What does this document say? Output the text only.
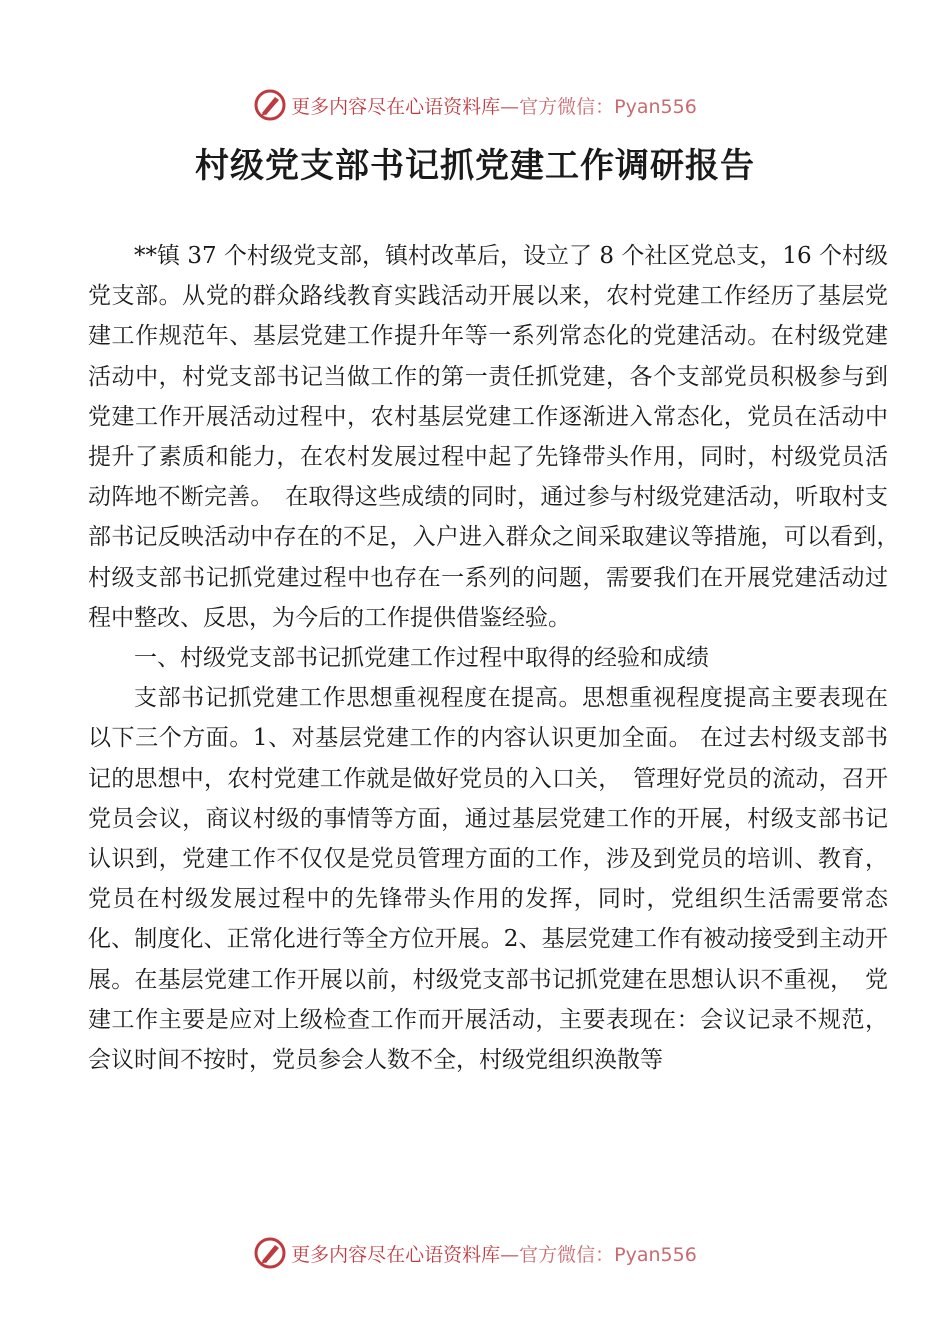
更多内容尽在心语资料库 —官方微信：Pyan556
村级党支部书记抓党建工作调研报告

**镇 37 个村级党支部，镇村改革后，设立了 8 个社区党总支，16 个村级党支部。从党的群众路线教育实践活动开展以来，农村党建工作经历了基层党建工作规范年、基层党建工作提升年等一系列常态化的党建活动。在村级党建活动中，村党支部书记当做工作的第一责任抓党建，各个支部党员积极参与到党建工作开展活动过程中，农村基层党建工作逐渐进入常态化，党员在活动中提升了素质和能力，在农村发展过程中起了先锋带头作用，同时，村级党员活动阵地不断完善。　在取得这些成绩的同时，通过参与村级党建活动，听取村支部书记反映活动中存在的不足，入户进入群众之间采取建议等措施，可以看到，　村级支部书记抓党建过程中也存在一系列的问题，需要我们在开展党建活动过程中整改、反思，为今后的工作提供借鉴经验。

一、村级党支部书记抓党建工作过程中取得的经验和成绩

支部书记抓党建工作思想重视程度在提高。思想重视程度提高主要表现在以下三个方面。1、对基层党建工作的内容认识更加全面。 在过去村级支部书记的思想中，农村党建工作就是做好党员的入口关，　管理好党员的流动，召开党员会议，商议村级的事情等方面，通过基层党建工作的开展，村级支部书记认识到，党建工作不仅仅是党员管理方面的工作，涉及到党员的培训、教育，党员在村级发展过程中的先锋带头作用的发挥，同时，党组织生活需要常态化、制度化、正常化进行等全方位开展。2、基层党建工作有被动接受到主动开展。在基层党建工作开展以前，村级党支部书记抓党建在思想认识不重视，　党建工作主要是应对上级检查工作而开展活动，主要表现在：会议记录不规范，会议时间不按时，党员参会人数不全，村级党组织涣散等

更多内容尽在心语资料库 —官方微信：Pyan556
